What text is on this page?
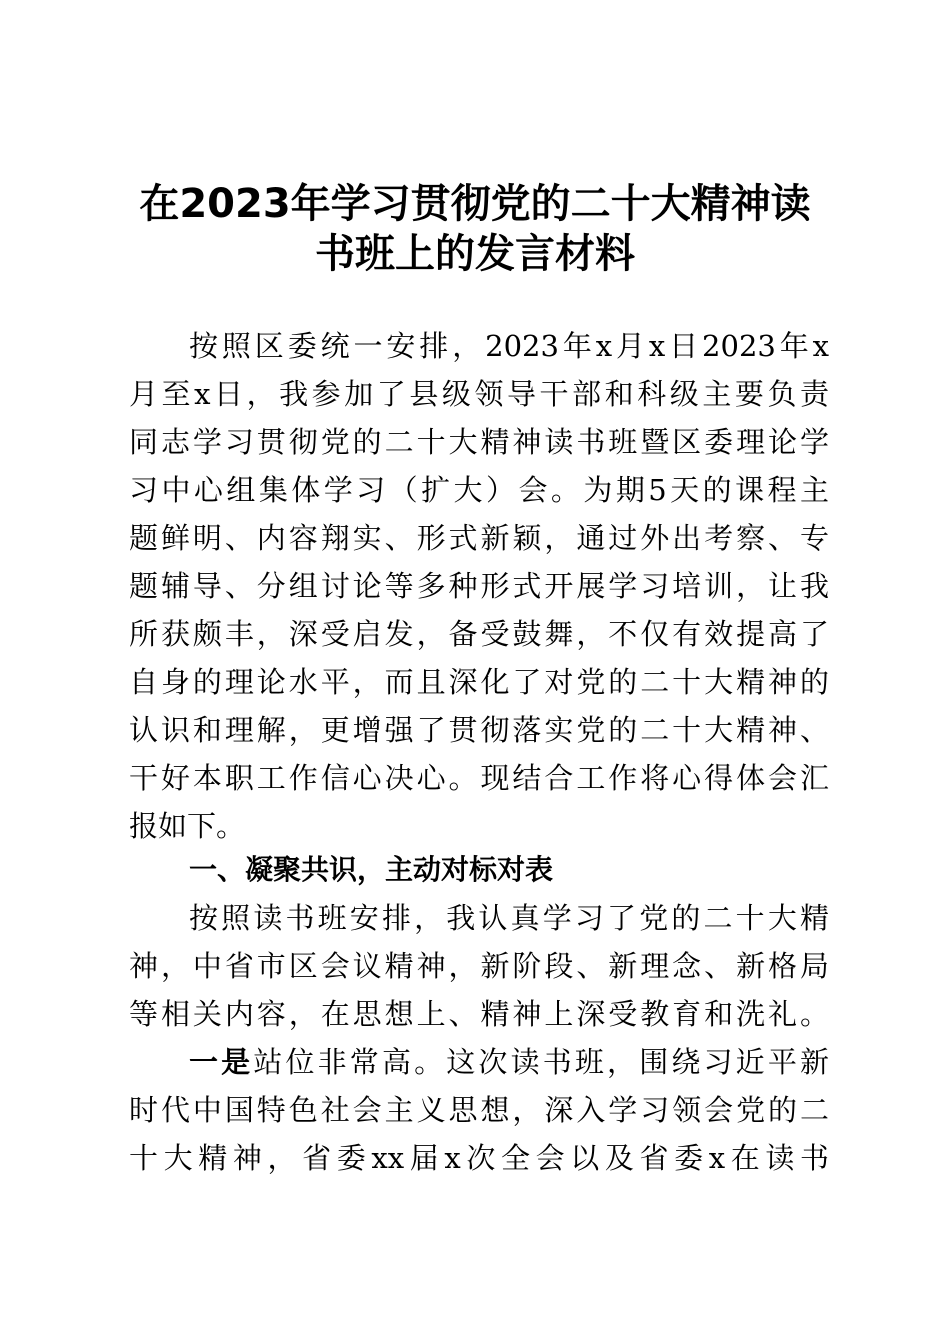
在2023年学习贯彻党的二十大精神读
书班上的发言材料
按照区委统一安排，2023年x月x日2023年x
月至x日，我参加了县级领导干部和科级主要负责
同志学习贯彻党的二十大精神读书班暨区委理论学
习中心组集体学习（扩大）会。为期5天的课程主
题鲜明、内容翔实、形式新颖，通过外出考察、专
题辅导、分组讨论等多种形式开展学习培训，让我
所获颇丰，深受启发，备受鼓舞，不仅有效提高了
自身的理论水平，而且深化了对党的二十大精神的
认识和理解，更增强了贯彻落实党的二十大精神、
干好本职工作信心决心。现结合工作将心得体会汇
报如下。
一、凝聚共识，主动对标对表
按照读书班安排，我认真学习了党的二十大精
神，中省市区会议精神，新阶段、新理念、新格局
等相关内容，在思想上、精神上深受教育和洗礼。
一是站位非常高。这次读书班，围绕习近平新
时代中国特色社会主义思想，深入学习领会党的二
十大精神，省委xx届x次全会以及省委x在读书
